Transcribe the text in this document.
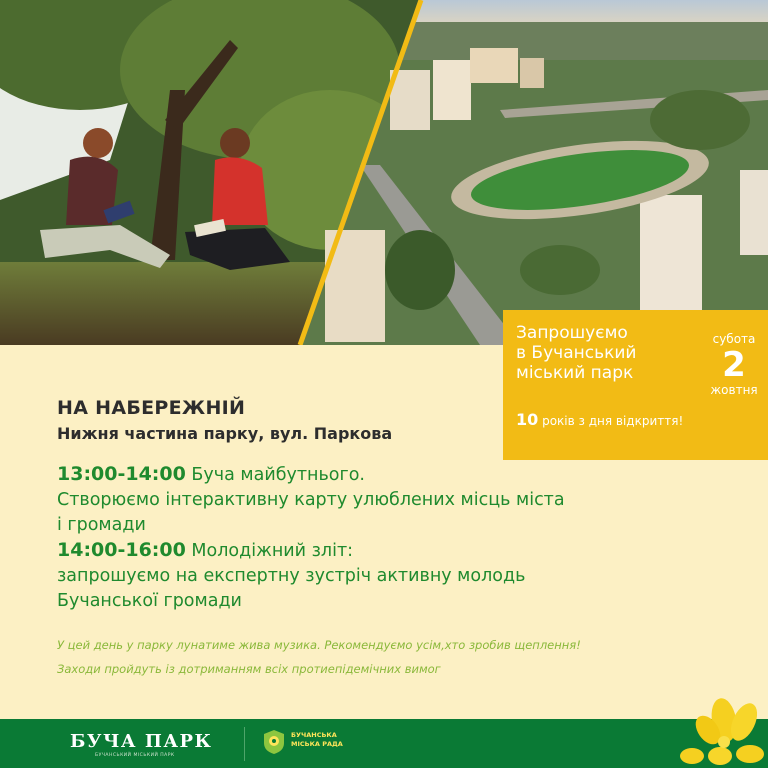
Запрошуємо
в Бучанський
міський парк
субота
2
жовтня
10 років з дня відкриття!
НА НАБЕРЕЖНІЙ
Нижня частина парку, вул. Паркова
13:00-14:00 Буча майбутнього.
Створюємо інтерактивну карту улюблених місць міста
і громади
14:00-16:00 Молодіжний зліт:
запрошуємо на експертну зустріч активну молодь
Бучанської громади
У цей день у парку лунатиме жива музика. Рекомендуємо усім,хто зробив щеплення!
Заходи пройдуть із дотриманням всіх протиепідемічних вимог
БУЧА ПАРК
БУЧАНСЬКИЙ МІСЬКИЙ ПАРК
БУЧАНСЬКА
МІСЬКА РАДА
